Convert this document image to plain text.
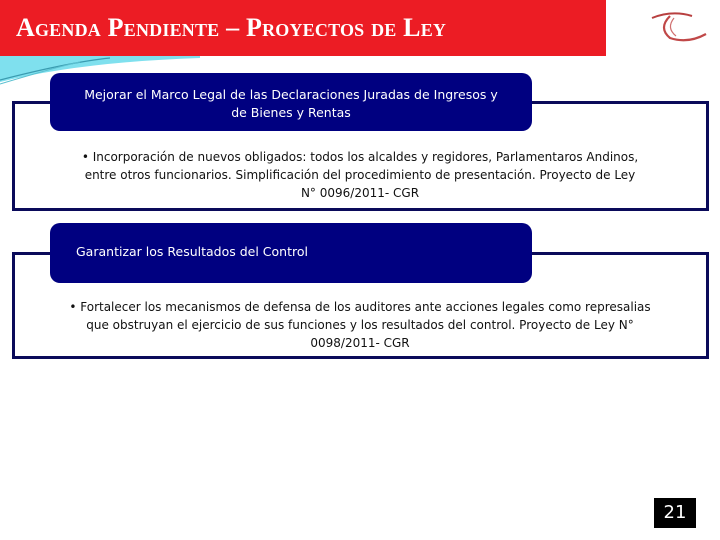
Agenda Pendiente – Proyectos de Ley
Mejorar el Marco Legal de las Declaraciones Juradas de Ingresos y
de Bienes y Rentas
• Incorporación de nuevos obligados: todos los alcaldes y regidores, Parlamentaros Andinos,
entre otros funcionarios. Simplificación del procedimiento de presentación. Proyecto de Ley
N° 0096/2011- CGR
Garantizar los Resultados del Control
• Fortalecer los mecanismos de defensa de los auditores ante acciones legales como represalias
que obstruyan el ejercicio de sus funciones y los resultados del control. Proyecto de Ley N°
0098/2011- CGR
21
